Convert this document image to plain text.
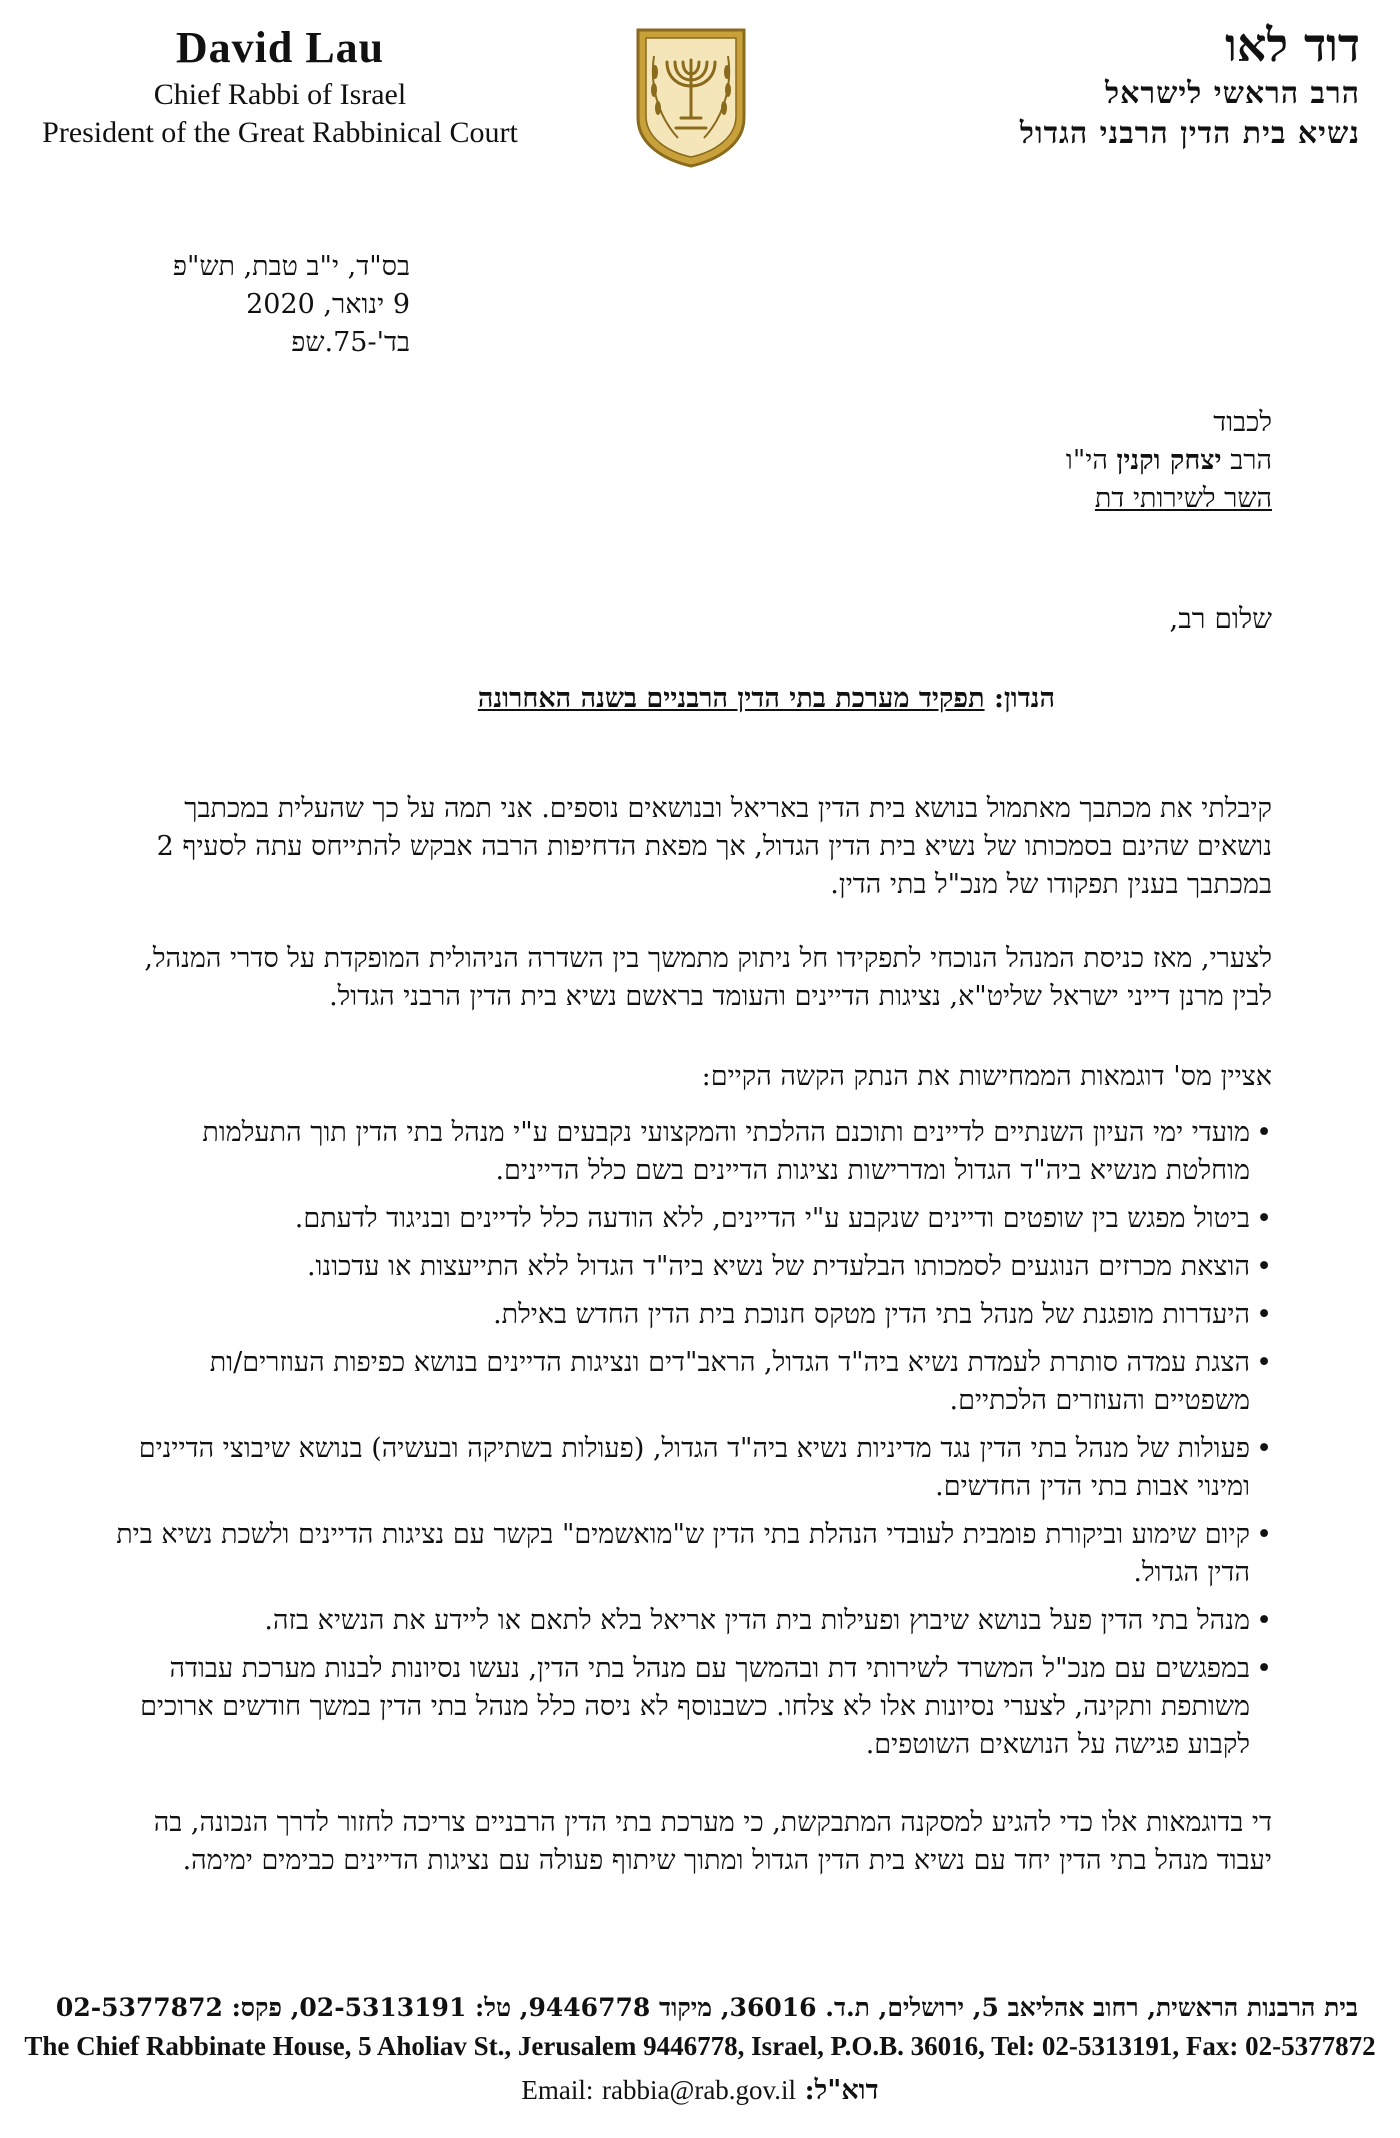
David Lau
Chief Rabbi of Israel
President of the Great Rabbinical Court
דוד לאו
הרב הראשי לישראל
נשיא בית הדין הרבני הגדול
בס"ד, י"ב טבת, תש"פ
9 ינואר, 2020
בד'-75.שפ
לכבוד
הרב יצחק וקנין הי"ו
השר לשירותי דת
שלום רב,
הנדון: תפקיד מערכת בתי הדין הרבניים בשנה האחרונה
קיבלתי את מכתבך מאתמול בנושא בית הדין באריאל ובנושאים נוספים. אני תמה על כך שהעלית במכתבך נושאים שהינם בסמכותו של נשיא בית הדין הגדול, אך מפאת הדחיפות הרבה אבקש להתייחס עתה לסעיף 2 במכתבך בענין תפקודו של מנכ"ל בתי הדין.
לצערי, מאז כניסת המנהל הנוכחי לתפקידו חל ניתוק מתמשך בין השדרה הניהולית המופקדת על סדרי המנהל, לבין מרנן דייני ישראל שליט"א, נציגות הדיינים והעומד בראשם נשיא בית הדין הרבני הגדול.
אציין מס' דוגמאות הממחישות את הנתק הקשה הקיים:
•
מועדי ימי העיון השנתיים לדיינים ותוכנם ההלכתי והמקצועי נקבעים ע"י מנהל בתי הדין תוך התעלמות מוחלטת מנשיא ביה"ד הגדול ומדרישות נציגות הדיינים בשם כלל הדיינים.
•
ביטול מפגש בין שופטים ודיינים שנקבע ע"י הדיינים, ללא הודעה כלל לדיינים ובניגוד לדעתם.
•
הוצאת מכרזים הנוגעים לסמכותו הבלעדית של נשיא ביה"ד הגדול ללא התייעצות או עדכונו.
•
היעדרות מופגנת של מנהל בתי הדין מטקס חנוכת בית הדין החדש באילת.
•
הצגת עמדה סותרת לעמדת נשיא ביה"ד הגדול, הראב"דים ונציגות הדיינים בנושא כפיפות העוזרים/ות משפטיים והעוזרים הלכתיים.
•
פעולות של מנהל בתי הדין נגד מדיניות נשיא ביה"ד הגדול, (פעולות בשתיקה ובעשיה) בנושא שיבוצי הדיינים ומינוי אבות בתי הדין החדשים.
•
קיום שימוע וביקורת פומבית לעובדי הנהלת בתי הדין ש"מואשמים" בקשר עם נציגות הדיינים ולשכת נשיא בית הדין הגדול.
•
מנהל בתי הדין פעל בנושא שיבוץ ופעילות בית הדין אריאל בלא לתאם או ליידע את הנשיא בזה.
•
במפגשים עם מנכ"ל המשרד לשירותי דת ובהמשך עם מנהל בתי הדין, נעשו נסיונות לבנות מערכת עבודה משותפת ותקינה, לצערי נסיונות אלו לא צלחו. כשבנוסף לא ניסה כלל מנהל בתי הדין במשך חודשים ארוכים לקבוע פגישה על הנושאים השוטפים.
די בדוגמאות אלו כדי להגיע למסקנה המתבקשת, כי מערכת בתי הדין הרבניים צריכה לחזור לדרך הנכונה, בה יעבוד מנהל בתי הדין יחד עם נשיא בית הדין הגדול ומתוך שיתוף פעולה עם נציגות הדיינים כבימים ימימה.
בית הרבנות הראשית, רחוב אהליאב 5, ירושלים, ת.ד. 36016, מיקוד 9446778, טל: 02-5313191, פקס: 02-5377872
The Chief Rabbinate House, 5 Aholiav St., Jerusalem 9446778, Israel, P.O.B. 36016, Tel: 02-5313191, Fax: 02-5377872
Email: rabbia@rab.gov.il דוא"ל:
